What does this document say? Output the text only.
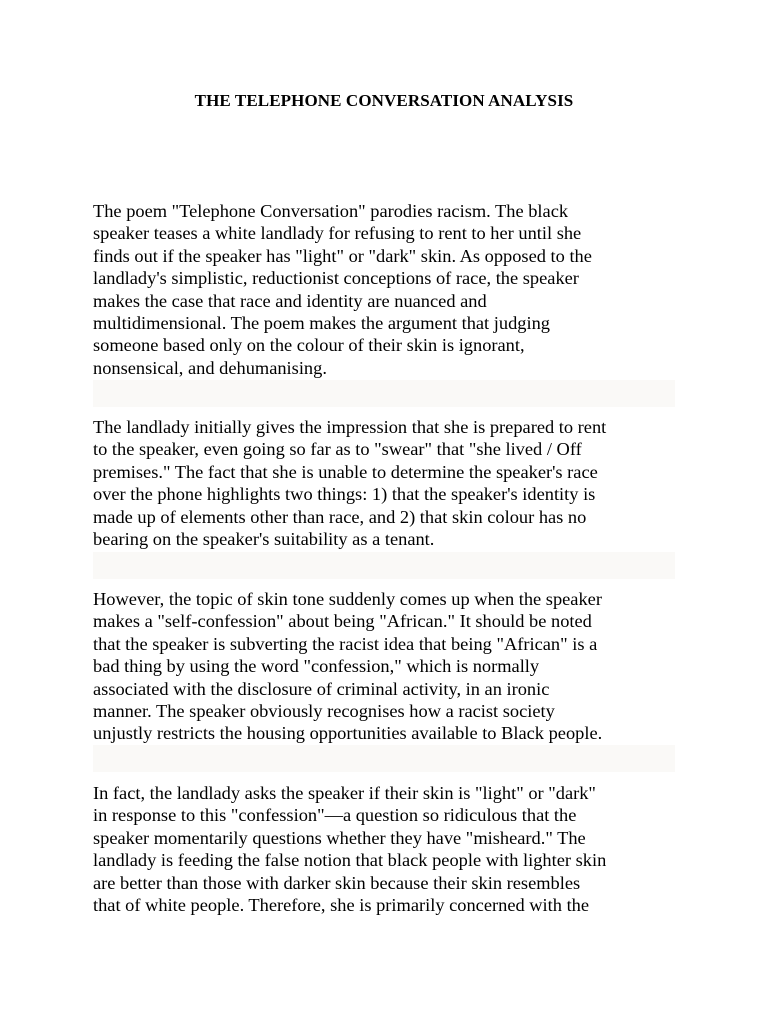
THE TELEPHONE CONVERSATION ANALYSIS

The poem "Telephone Conversation" parodies racism. The black
speaker teases a white landlady for refusing to rent to her until she
finds out if the speaker has "light" or "dark" skin. As opposed to the
landlady's simplistic, reductionist conceptions of race, the speaker
makes the case that race and identity are nuanced and
multidimensional. The poem makes the argument that judging
someone based only on the colour of their skin is ignorant,
nonsensical, and dehumanising.

The landlady initially gives the impression that she is prepared to rent
to the speaker, even going so far as to "swear" that "she lived / Off
premises." The fact that she is unable to determine the speaker's race
over the phone highlights two things: 1) that the speaker's identity is
made up of elements other than race, and 2) that skin colour has no
bearing on the speaker's suitability as a tenant.

However, the topic of skin tone suddenly comes up when the speaker
makes a "self-confession" about being "African." It should be noted
that the speaker is subverting the racist idea that being "African" is a
bad thing by using the word "confession," which is normally
associated with the disclosure of criminal activity, in an ironic
manner. The speaker obviously recognises how a racist society
unjustly restricts the housing opportunities available to Black people.

In fact, the landlady asks the speaker if their skin is "light" or "dark"
in response to this "confession"—a question so ridiculous that the
speaker momentarily questions whether they have "misheard." The
landlady is feeding the false notion that black people with lighter skin
are better than those with darker skin because their skin resembles
that of white people. Therefore, she is primarily concerned with the
